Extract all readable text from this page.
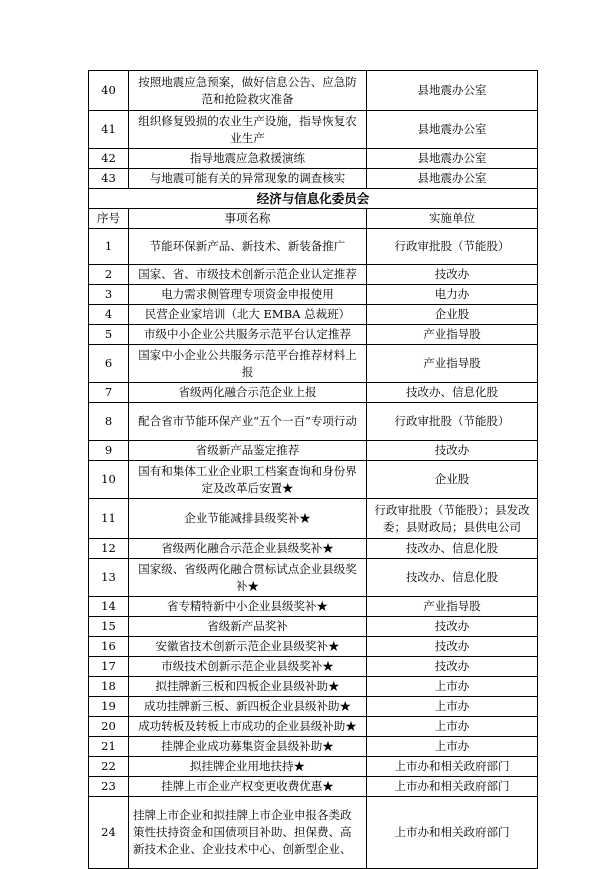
40	按照地震应急预案，做好信息公告、应急防范和抢险救灾准备	县地震办公室
41	组织修复毁损的农业生产设施，指导恢复农业生产	县地震办公室
42	指导地震应急救援演练	县地震办公室
43	与地震可能有关的异常现象的调查核实	县地震办公室
经济与信息化委员会		
序号	事项名称	实施单位
1	节能环保新产品、新技术、新装备推广	行政审批股（节能股）
2	国家、省、市级技术创新示范企业认定推荐	技改办
3	电力需求侧管理专项资金申报使用	电力办
4	民营企业家培训（北大 EMBA 总裁班）	企业股
5	市级中小企业公共服务示范平台认定推荐	产业指导股
6	国家中小企业公共服务示范平台推荐材料上报	产业指导股
7	省级两化融合示范企业上报	技改办、信息化股
8	配合省市节能环保产业“五个一百”专项行动	行政审批股（节能股）
9	省级新产品鉴定推荐	技改办
10	国有和集体工业企业职工档案查询和身份界定及改革后安置★	企业股
11	企业节能减排县级奖补★	行政审批股（节能股）；县发改委；县财政局；县供电公司
12	省级两化融合示范企业县级奖补★	技改办、信息化股
13	国家级、省级两化融合贯标试点企业县级奖补★	技改办、信息化股
14	省专精特新中小企业县级奖补★	产业指导股
15	省级新产品奖补	技改办
16	安徽省技术创新示范企业县级奖补★	技改办
17	市级技术创新示范企业县级奖补★	技改办
18	拟挂牌新三板和四板企业县级补助★	上市办
19	成功挂牌新三板、新四板企业县级补助★	上市办
20	成功转板及转板上市成功的企业县级补助★	上市办
21	挂牌企业成功募集资金县级补助★	上市办
22	拟挂牌企业用地扶持★	上市办和相关政府部门
23	挂牌上市企业产权变更收费优惠★	上市办和相关政府部门
24	挂牌上市企业和拟挂牌上市企业申报各类政策性扶持资金和国债项目补助、担保费、高新技术企业、企业技术中心、创新型企业、	上市办和相关政府部门
